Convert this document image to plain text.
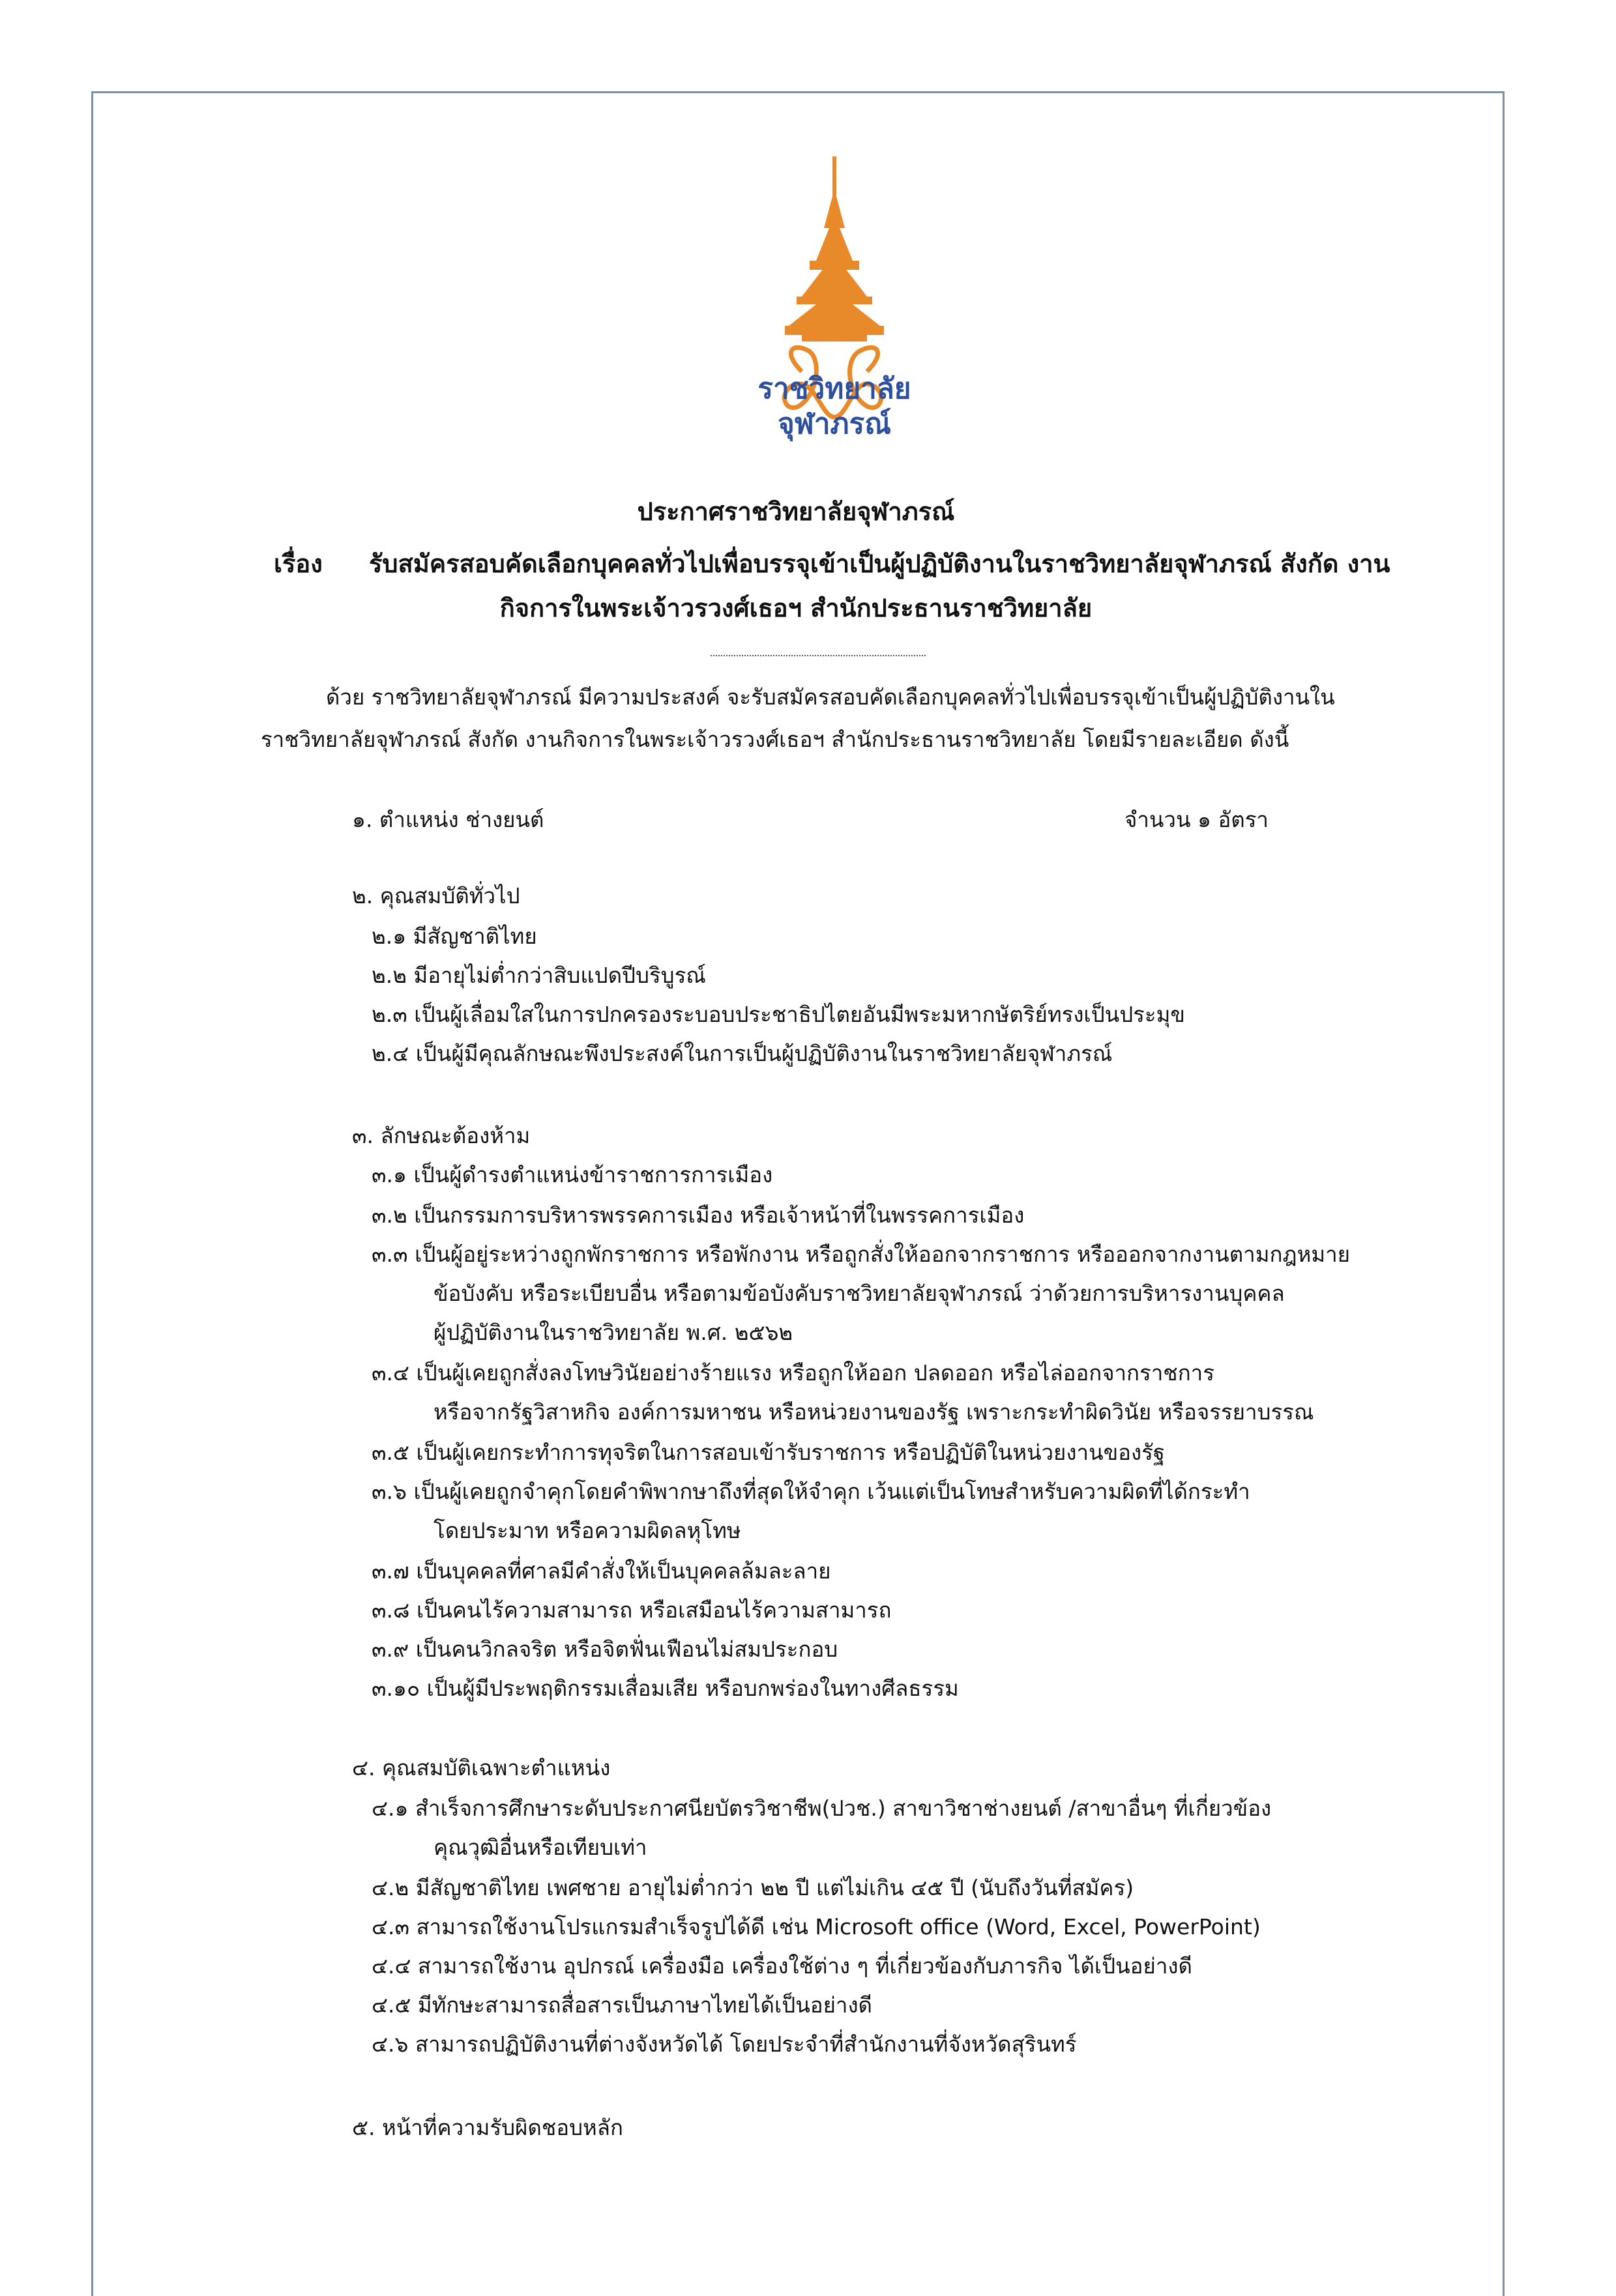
ราชวิทยาลัย
จุฬาภรณ์
ประกาศราชวิทยาลัยจุฬาภรณ์
เรื่อง รับสมัครสอบคัดเลือกบุคคลทั่วไปเพื่อบรรจุเข้าเป็นผู้ปฏิบัติงานในราชวิทยาลัยจุฬาภรณ์ สังกัด งาน
กิจการในพระเจ้าวรวงศ์เธอฯ สำนักประธานราชวิทยาลัย
ด้วย ราชวิทยาลัยจุฬาภรณ์ มีความประสงค์ จะรับสมัครสอบคัดเลือกบุคคลทั่วไปเพื่อบรรจุเข้าเป็นผู้ปฏิบัติงานใน
ราชวิทยาลัยจุฬาภรณ์ สังกัด งานกิจการในพระเจ้าวรวงศ์เธอฯ สำนักประธานราชวิทยาลัย โดยมีรายละเอียด ดังนี้
๑. ตำแหน่ง ช่างยนต์	จำนวน ๑ อัตรา
๒. คุณสมบัติทั่วไป
๒.๑ มีสัญชาติไทย
๒.๒ มีอายุไม่ต่ำกว่าสิบแปดปีบริบูรณ์
๒.๓ เป็นผู้เลื่อมใสในการปกครองระบอบประชาธิปไตยอันมีพระมหากษัตริย์ทรงเป็นประมุข
๒.๔ เป็นผู้มีคุณลักษณะพึงประสงค์ในการเป็นผู้ปฏิบัติงานในราชวิทยาลัยจุฬาภรณ์
๓. ลักษณะต้องห้าม
๓.๑ เป็นผู้ดำรงตำแหน่งข้าราชการการเมือง
๓.๒ เป็นกรรมการบริหารพรรคการเมือง หรือเจ้าหน้าที่ในพรรคการเมือง
๓.๓ เป็นผู้อยู่ระหว่างถูกพักราชการ หรือพักงาน หรือถูกสั่งให้ออกจากราชการ หรือออกจากงานตามกฎหมาย
ข้อบังคับ หรือระเบียบอื่น หรือตามข้อบังคับราชวิทยาลัยจุฬาภรณ์ ว่าด้วยการบริหารงานบุคคล
ผู้ปฏิบัติงานในราชวิทยาลัย พ.ศ. ๒๕๖๒
๓.๔ เป็นผู้เคยถูกสั่งลงโทษวินัยอย่างร้ายแรง หรือถูกให้ออก ปลดออก หรือไล่ออกจากราชการ
หรือจากรัฐวิสาหกิจ องค์การมหาชน หรือหน่วยงานของรัฐ เพราะกระทำผิดวินัย หรือจรรยาบรรณ
๓.๕ เป็นผู้เคยกระทำการทุจริตในการสอบเข้ารับราชการ หรือปฏิบัติในหน่วยงานของรัฐ
๓.๖ เป็นผู้เคยถูกจำคุกโดยคำพิพากษาถึงที่สุดให้จำคุก เว้นแต่เป็นโทษสำหรับความผิดที่ได้กระทำ
โดยประมาท หรือความผิดลหุโทษ
๓.๗ เป็นบุคคลที่ศาลมีคำสั่งให้เป็นบุคคลล้มละลาย
๓.๘ เป็นคนไร้ความสามารถ หรือเสมือนไร้ความสามารถ
๓.๙ เป็นคนวิกลจริต หรือจิตฟั่นเฟือนไม่สมประกอบ
๓.๑๐ เป็นผู้มีประพฤติกรรมเสื่อมเสีย หรือบกพร่องในทางศีลธรรม
๔. คุณสมบัติเฉพาะตำแหน่ง
๔.๑ สำเร็จการศึกษาระดับประกาศนียบัตรวิชาชีพ(ปวช.) สาขาวิชาช่างยนต์ /สาขาอื่นๆ ที่เกี่ยวข้อง
คุณวุฒิอื่นหรือเทียบเท่า
๔.๒ มีสัญชาติไทย เพศชาย อายุไม่ต่ำกว่า ๒๒ ปี แต่ไม่เกิน ๔๕ ปี (นับถึงวันที่สมัคร)
๔.๓ สามารถใช้งานโปรแกรมสำเร็จรูปได้ดี เช่น Microsoft office (Word, Excel, PowerPoint)
๔.๔ สามารถใช้งาน อุปกรณ์ เครื่องมือ เครื่องใช้ต่าง ๆ ที่เกี่ยวข้องกับภารกิจ ได้เป็นอย่างดี
๔.๕ มีทักษะสามารถสื่อสารเป็นภาษาไทยได้เป็นอย่างดี
๔.๖ สามารถปฏิบัติงานที่ต่างจังหวัดได้ โดยประจำที่สำนักงานที่จังหวัดสุรินทร์
๕. หน้าที่ความรับผิดชอบหลัก
